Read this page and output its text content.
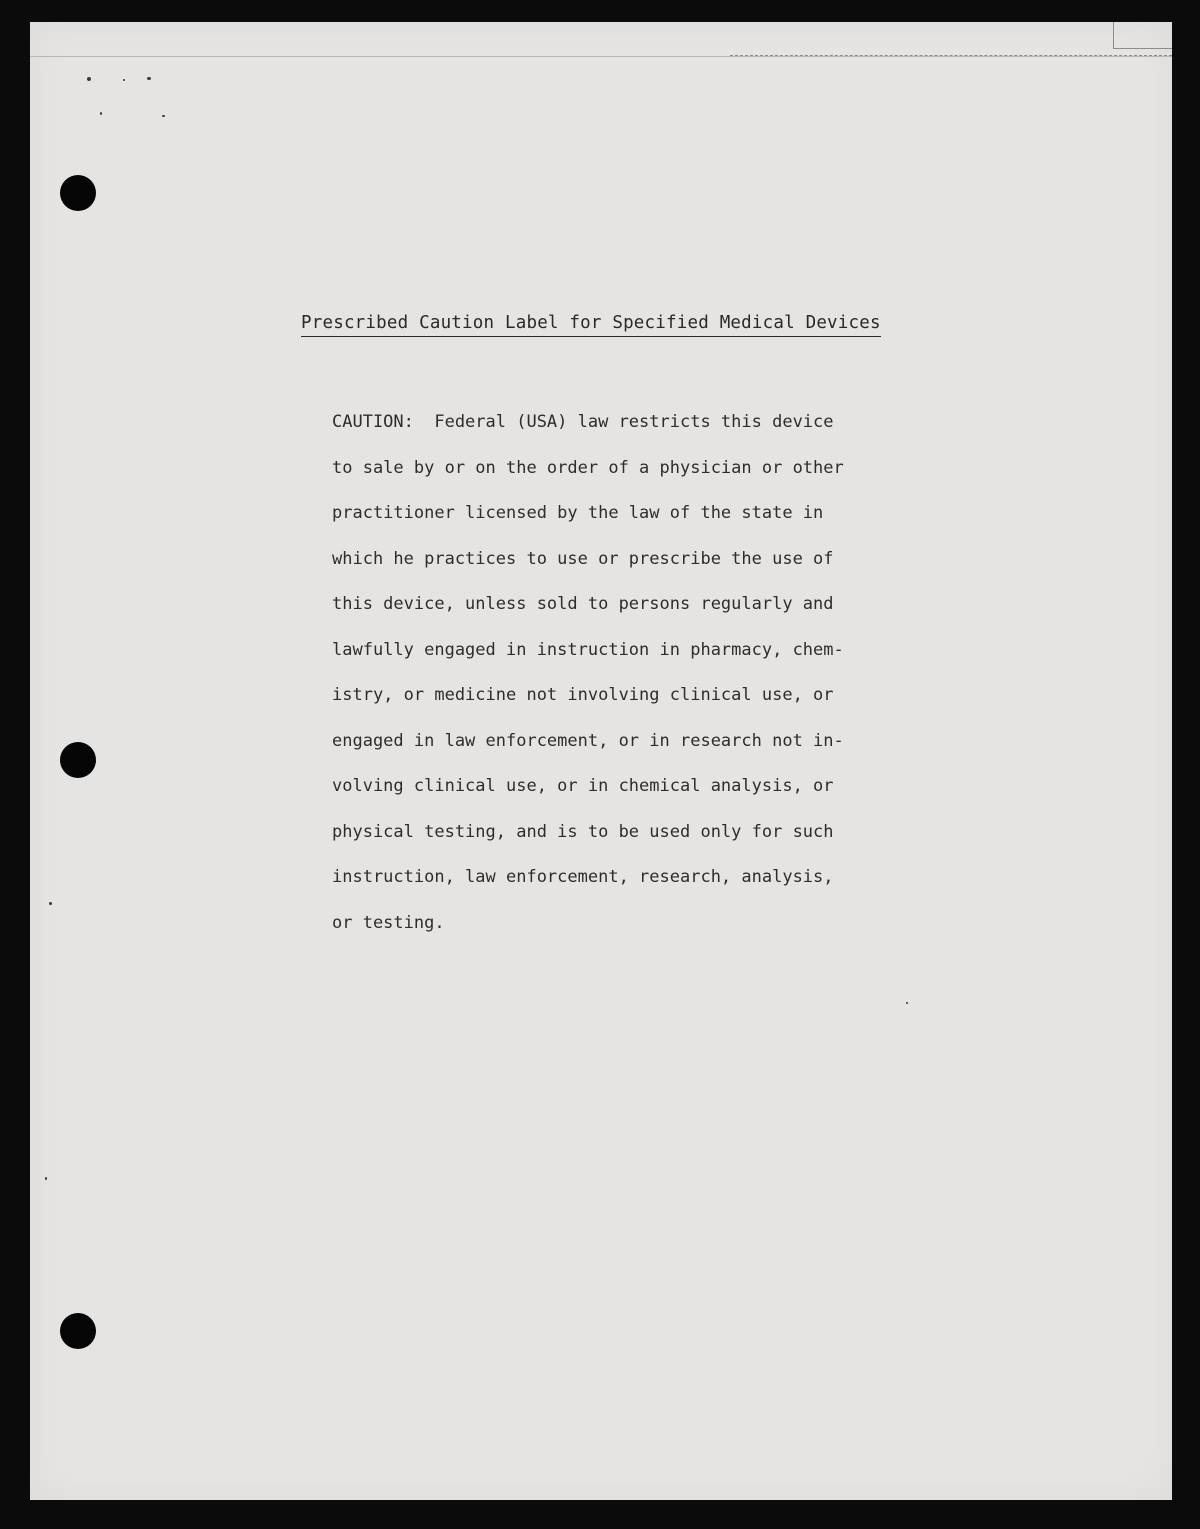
Prescribed Caution Label for Specified Medical Devices
CAUTION:  Federal (USA) law restricts this device
to sale by or on the order of a physician or other
practitioner licensed by the law of the state in
which he practices to use or prescribe the use of
this device, unless sold to persons regularly and
lawfully engaged in instruction in pharmacy, chem-
istry, or medicine not involving clinical use, or
engaged in law enforcement, or in research not in-
volving clinical use, or in chemical analysis, or
physical testing, and is to be used only for such
instruction, law enforcement, research, analysis,
or testing.
